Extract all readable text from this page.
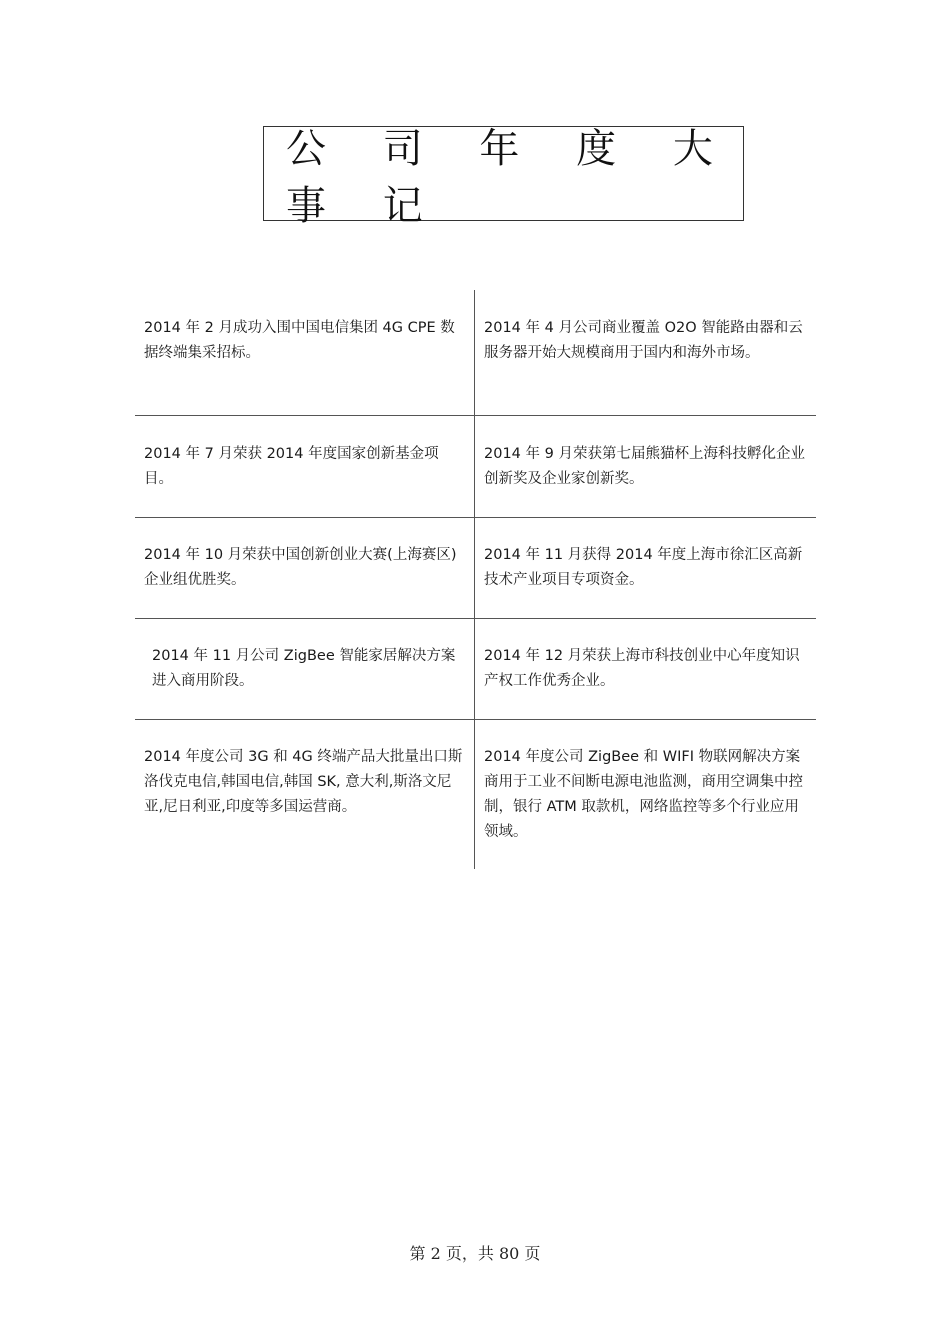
公 司 年 度 大 事 记
2014 年 2 月成功入围中国电信集团 4G CPE 数据终端集采招标。
2014 年 4 月公司商业覆盖 O2O 智能路由器和云服务器开始大规模商用于国内和海外市场。
2014 年 7 月荣获 2014 年度国家创新基金项目。
2014 年 9 月荣获第七届熊猫杯上海科技孵化企业创新奖及企业家创新奖。
2014 年 10 月荣获中国创新创业大赛(上海赛区)企业组优胜奖。
2014 年 11 月获得 2014 年度上海市徐汇区高新技术产业项目专项资金。
2014 年 11 月公司 ZigBee 智能家居解决方案进入商用阶段。
2014 年 12 月荣获上海市科技创业中心年度知识产权工作优秀企业。
2014 年度公司 3G 和 4G 终端产品大批量出口斯洛伐克电信,韩国电信,韩国 SK, 意大利,斯洛文尼亚,尼日利亚,印度等多国运营商。
2014 年度公司 ZigBee 和 WIFI 物联网解决方案商用于工业不间断电源电池监测，商用空调集中控制，银行 ATM 取款机，网络监控等多个行业应用领域。
第 2 页，共 80 页
